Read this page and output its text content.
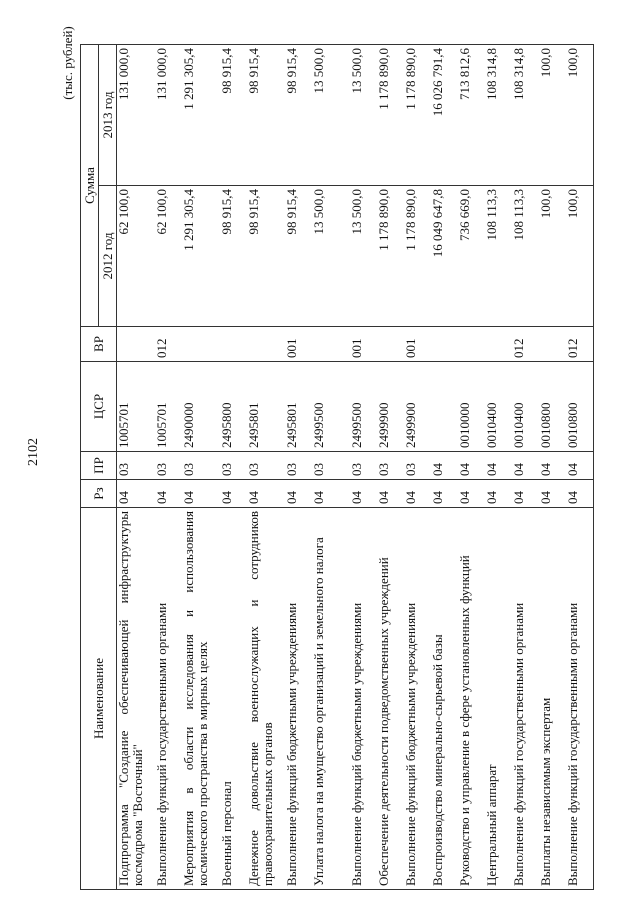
2102
(тыс. рублей)
Наименование	Рз	ПР	ЦСР	ВР	Сумма	
					2012 год	2013 год
Подпрограмма "Создание обеспечивающей инфраструктуры космодрома "Восточный"	04	03	1005701		62 100,0	131 000,0
Выполнение функций государственными органами	04	03	1005701	012	62 100,0	131 000,0
Мероприятия в области исследования и использования космического пространства в мирных целях	04	03	2490000		1 291 305,4	1 291 305,4
Военный персонал	04	03	2495800		98 915,4	98 915,4
Денежное довольствие военнослужащих и сотрудников правоохранительных органов	04	03	2495801		98 915,4	98 915,4
Выполнение функций бюджетными учреждениями	04	03	2495801	001	98 915,4	98 915,4
Уплата налога на имущество организаций и земельного налога	04	03	2499500		13 500,0	13 500,0
Выполнение функций бюджетными учреждениями	04	03	2499500	001	13 500,0	13 500,0
Обеспечение деятельности подведомственных учреждений	04	03	2499900		1 178 890,0	1 178 890,0
Выполнение функций бюджетными учреждениями	04	03	2499900	001	1 178 890,0	1 178 890,0
Воспроизводство минерально-сырьевой базы	04	04			16 049 647,8	16 026 791,4
Руководство и управление в сфере установленных функций	04	04	0010000		736 669,0	713 812,6
Центральный аппарат	04	04	0010400		108 113,3	108 314,8
Выполнение функций государственными органами	04	04	0010400	012	108 113,3	108 314,8
Выплаты независимым экспертам	04	04	0010800		100,0	100,0
Выполнение функций государственными органами	04	04	0010800	012	100,0	100,0
